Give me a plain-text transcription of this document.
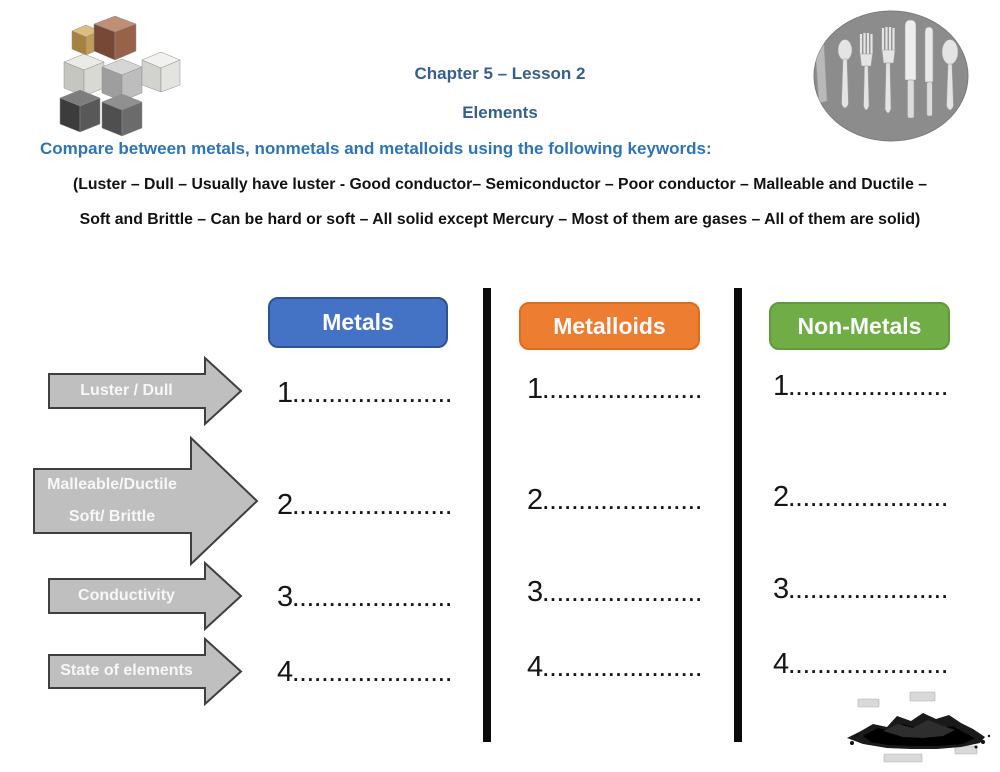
Chapter 5 – Lesson 2
Elements
Compare between metals, nonmetals and metalloids using the following keywords:
(Luster – Dull – Usually have luster - Good conductor– Semiconductor – Poor conductor – Malleable and Ductile –
Soft and Brittle – Can be hard or soft – All solid except Mercury – Most of them are gases – All of them are solid)
Metals	Metalloids	Non-Metals
1......................
2......................
3......................
4......................
1......................
2......................
3......................
4......................
1......................
2......................
3......................
4......................
Luster / Dull
Malleable/Ductile
Soft/ Brittle
Conductivity
State of elements
